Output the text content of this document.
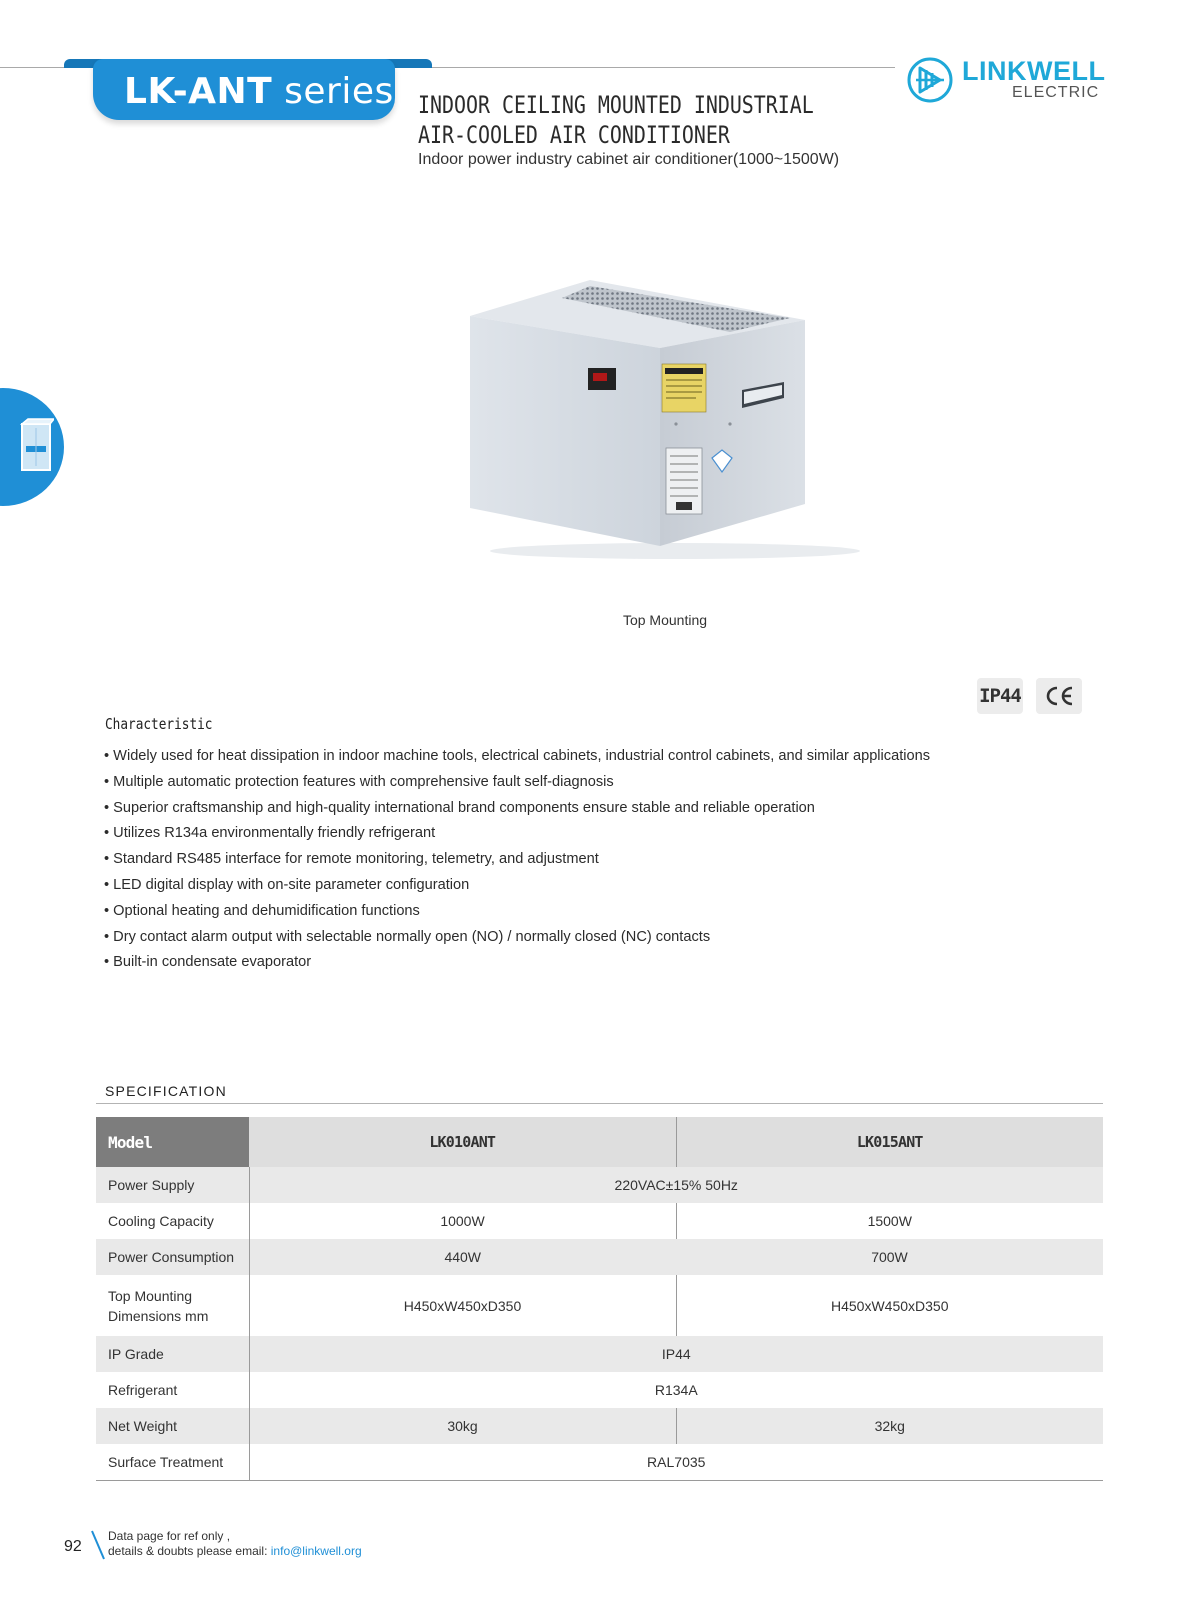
LK-ANT series INDOOR CEILING MOUNTED INDUSTRIAL
AIR-COOLED AIR CONDITIONER
Indoor power industry cabinet air conditioner(1000~1500W)
LINKWELL
ELECTRIC
Top Mounting
IP44
Characteristic
• Widely used for heat dissipation in indoor machine tools, electrical cabinets, industrial control cabinets, and similar applications
• Multiple automatic protection features with comprehensive fault self-diagnosis
• Superior craftsmanship and high-quality international brand components ensure stable and reliable operation
• Utilizes R134a environmentally friendly refrigerant
• Standard RS485 interface for remote monitoring, telemetry, and adjustment
• LED digital display with on-site parameter configuration
• Optional heating and dehumidification functions
• Dry contact alarm output with selectable normally open (NO) / normally closed (NC) contacts
• Built-in condensate evaporator
SPECIFICATION
Model	LK010ANT	LK015ANT
Power Supply	220VAC±15% 50Hz	
Cooling Capacity	1000W	1500W
Power Consumption	440W	700W

Top Mounting
Dimensions mm	H450xW450xD350	H450xW450xD350
IP Grade	IP44	
Refrigerant	R134A	
Net Weight	30kg	32kg
Surface Treatment	RAL7035	
92
Data page for ref only ,
details & doubts please email: info@linkwell.org
